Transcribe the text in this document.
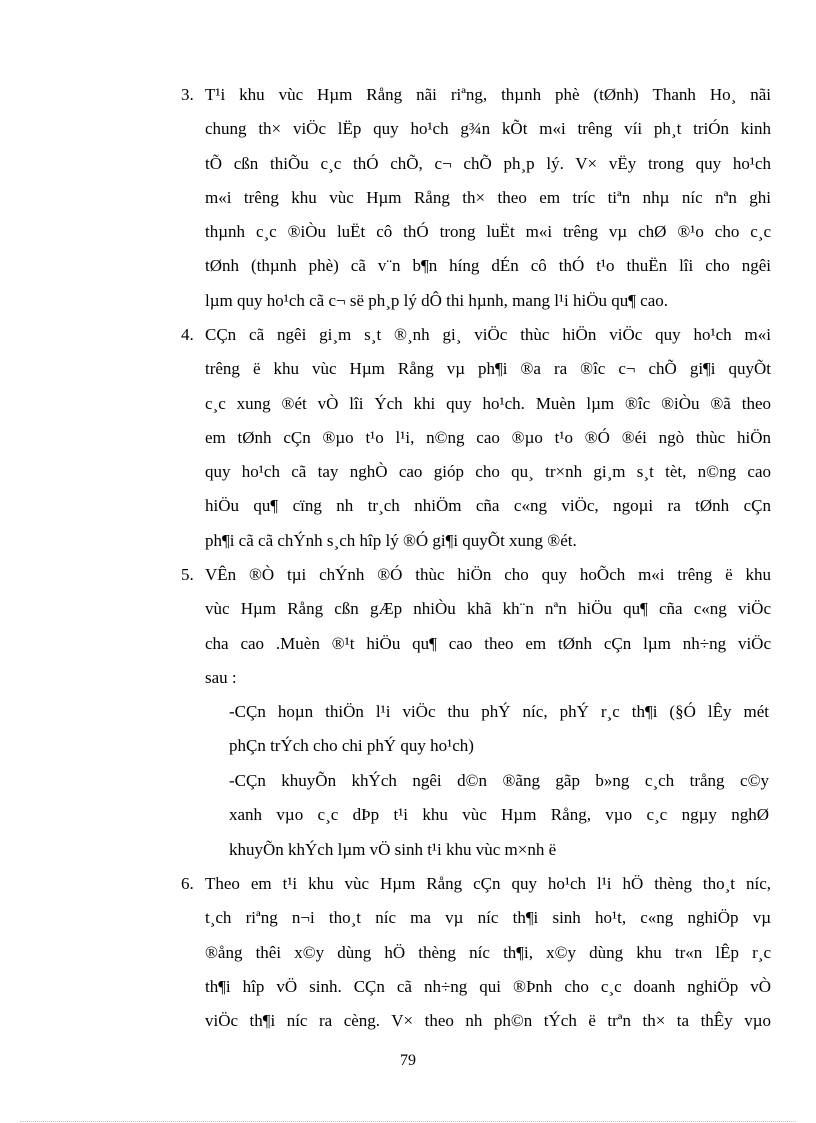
3. T¹i khu vùc Hµm Rång nãi riªng, thµnh phè (tØnh) Thanh Ho¸ nãi
chung th× viÖc lËp quy ho¹ch g¾n kÕt m«i trêng víi ph¸t triÓn kinh
tÕ cßn thiÕu c¸c thÓ chÕ, c¬ chÕ ph¸p lý. V× vËy trong quy ho¹ch
m«i trêng khu vùc Hµm Rång th× theo em tríc tiªn nhµ níc nªn ghi
thµnh c¸c ®iÒu luËt cô thÓ trong luËt m«i trêng vµ chØ ®¹o cho c¸c
tØnh (thµnh phè) cã v¨n b¶n híng dÉn cô thÓ t¹o thuËn lîi cho ngêi
lµm quy ho¹ch cã c¬ së ph¸p lý dÔ thi hµnh, mang l¹i hiÖu qu¶ cao.
4. CÇn cã ngêi gi¸m s¸t ®¸nh gi¸ viÖc thùc hiÖn viÖc quy ho¹ch m«i
trêng ë khu vùc Hµm Rång vµ ph¶i ®a ra ®îc c¬ chÕ gi¶i quyÕt
c¸c xung ®ét vÒ lîi Ých khi quy ho¹ch. Muèn lµm ®îc ®iÒu ®ã theo
em tØnh cÇn ®µo t¹o l¹i, n©ng cao ®µo t¹o ®Ó ®éi ngò thùc hiÖn
quy ho¹ch cã tay nghÒ cao gióp cho qu¸ tr×nh gi¸m s¸t tèt, n©ng cao
hiÖu qu¶ cïng nh tr¸ch nhiÖm cña c«ng viÖc, ngoµi ra tØnh cÇn
ph¶i cã cã chÝnh s¸ch hîp lý ®Ó gi¶i quyÕt xung ®ét.
5. VÊn ®Ò tµi chÝnh ®Ó thùc hiÖn cho quy hoÕch m«i trêng ë khu
vùc Hµm Rång cßn gÆp nhiÒu khã kh¨n nªn hiÖu qu¶ cña c«ng viÖc
cha cao .Muèn ®¹t hiÖu qu¶ cao theo em tØnh cÇn lµm nh÷ng viÖc
sau :
-CÇn hoµn thiÖn l¹i viÖc thu phÝ níc, phÝ r¸c th¶i (§Ó lÊy mét
phÇn trÝch cho chi phÝ quy ho¹ch)
-CÇn khuyÕn khÝch ngêi d©n ®ãng gãp b»ng c¸ch trång c©y
xanh vµo c¸c dÞp t¹i khu vùc Hµm Rång, vµo c¸c ngµy nghØ
khuyÕn khÝch lµm vÖ sinh t¹i khu vùc m×nh ë
6. Theo em t¹i khu vùc Hµm Rång cÇn quy ho¹ch l¹i hÖ thèng tho¸t níc,
t¸ch riªng n¬i tho¸t níc ma vµ níc th¶i sinh ho¹t, c«ng nghiÖp vµ
®ång thêi x©y dùng hÖ thèng níc th¶i, x©y dùng khu tr«n lÊp r¸c
th¶i hîp vÖ sinh. CÇn cã nh÷ng qui ®Þnh cho c¸c doanh nghiÖp vÒ
viÖc th¶i níc ra cèng. V× theo nh ph©n tÝch ë trªn th× ta thÊy vµo
79
